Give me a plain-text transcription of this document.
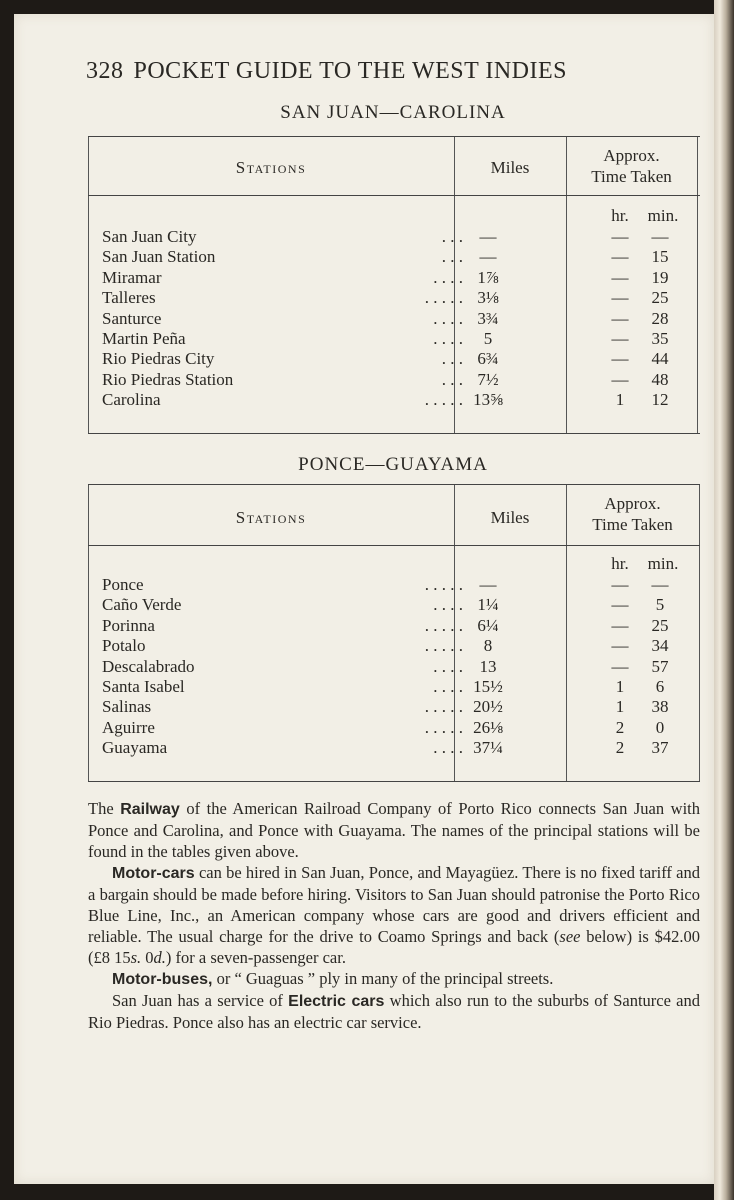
328 POCKET GUIDE TO THE WEST INDIES
SAN JUAN—CAROLINA
Stations	Miles
Approx.
Time Taken
hr.	min.
San Juan City	. . . —	—	—
San Juan Station	. . . —	—	15
Miramar	. . . . 1⅞	—	19
Talleres	. . . . . 3⅛	—	25
Santurce	. . . . 3¾	—	28
Martin Peña	. . . .	5	—	35
Rio Piedras City	. . . 6¾	—	44
Rio Piedras Station	. . . 7½	—	48
Carolina	. . . . . 13⅝	1	12
PONCE—GUAYAMA
Stations	Miles
Approx.
Time Taken
hr.	min.
Ponce	. . . . . —	—	—
Caño Verde	. . . . 1¼	—	5
Porinna	. . . . . 6¼	—	25
Potalo	. . . . .	8	—	34
Descalabrado	. . . . 13	—	57
Santa Isabel	. . . . 15½	1	6
Salinas	. . . . . 20½	1	38
Aguirre	. . . . . 26⅛	2	0
Guayama	. . . . 37¼	2	37

The Railway of the American Railroad Company of Porto Rico connects San Juan with Ponce and Carolina, and Ponce with Guayama. The names of the principal stations will be found in the tables given above.

Motor-cars can be hired in San Juan, Ponce, and Mayagüez. There is no fixed tariff and a bargain should be made before hiring. Visitors to San Juan should patronise the Porto Rico Blue Line, Inc., an American company whose cars are good and drivers efficient and reliable. The usual charge for the drive to Coamo Springs and back (see below) is $42.00 (£8 15s. 0d.) for a seven-passenger car.

Motor-buses, or “ Guaguas ” ply in many of the principal streets.

San Juan has a service of Electric cars which also run to the suburbs of Santurce and Rio Piedras. Ponce also has an electric car service.
